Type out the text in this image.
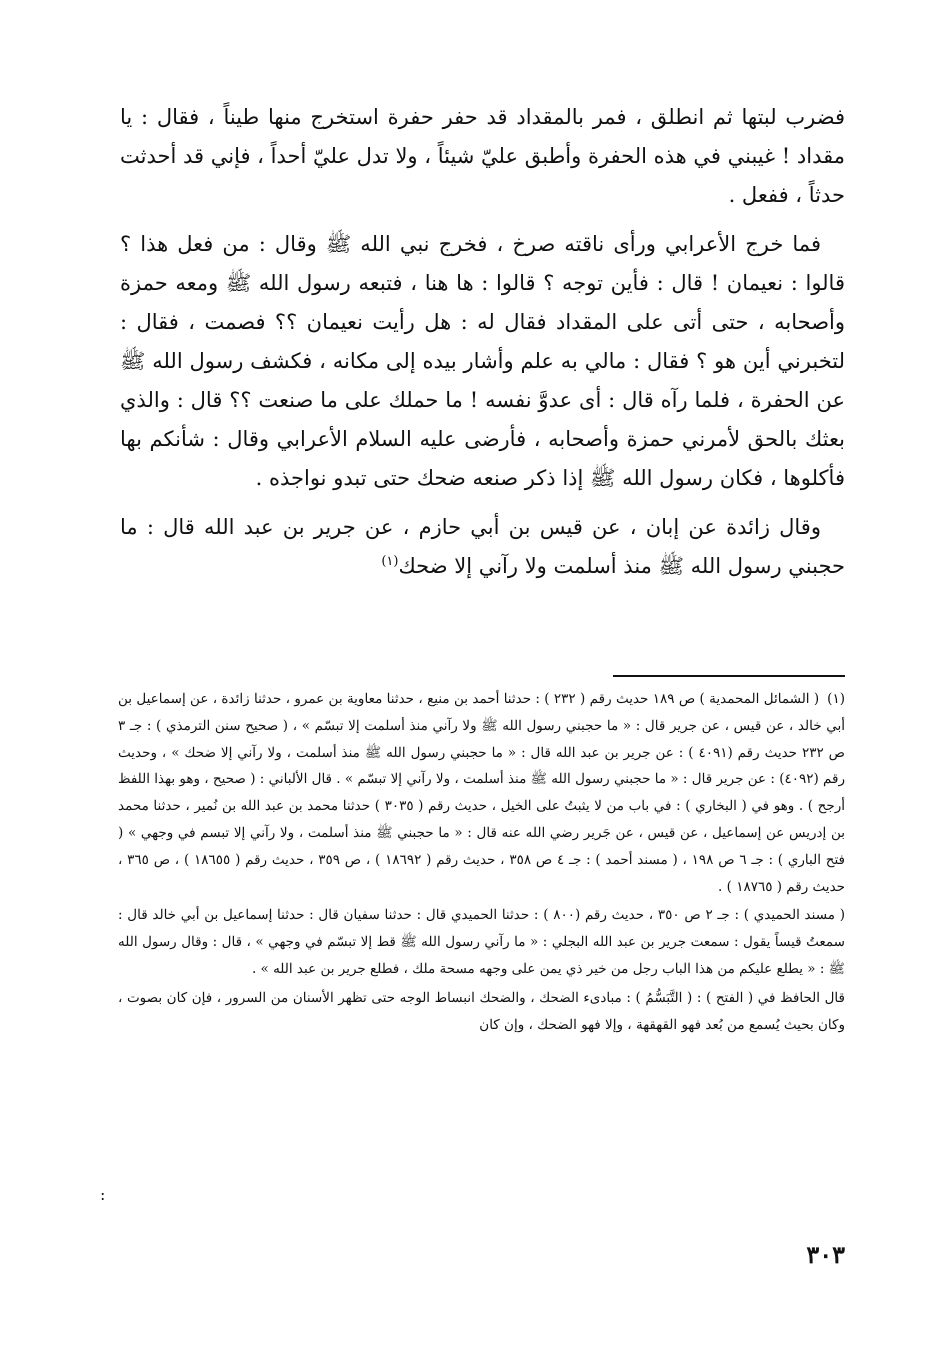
فضرب لبتها ثم انطلق ، فمر بالمقداد قد حفر حفرة استخرج منها طيناً ، فقال : يا مقداد ! غيبني في هذه الحفرة وأطبق عليّ شيئاً ، ولا تدل عليّ أحداً ، فإني قد أحدثت حدثاً ، ففعل .

فما خرج الأعرابي ورأى ناقته صرخ ، فخرج نبي الله ﷺ وقال : من فعل هذا ؟ قالوا : نعيمان ! قال : فأين توجه ؟ قالوا : ها هنا ، فتبعه رسول الله ﷺ ومعه حمزة وأصحابه ، حتى أتى على المقداد فقال له : هل رأيت نعيمان ؟؟ فصمت ، فقال : لتخبرني أين هو ؟ فقال : مالي به علم وأشار بيده إلى مكانه ، فكشف رسول الله ﷺ عن الحفرة ، فلما رآه قال : أى عدوَّ نفسه ! ما حملك على ما صنعت ؟؟ قال : والذي بعثك بالحق لأمرني حمزة وأصحابه ، فأرضى عليه السلام الأعرابي وقال : شأنكم بها فأكلوها ، فكان رسول الله ﷺ إذا ذكر صنعه ضحك حتى تبدو نواجذه .

وقال زائدة عن إبان ، عن قيس بن أبي حازم ، عن جرير بن عبد الله قال : ما حجبني رسول الله ﷺ منذ أسلمت ولا رآني إلا ضحك$^{(١)}$

(١)( الشمائل المحمدية ) ص ١٨٩ حديث رقم ( ٢٣٢ ) : حدثنا أحمد بن منيع ، حدثنا معاوية بن عمرو ، حدثنا زائدة ، عن إسماعيل بن أبي خالد ، عن قيس ، عن جرير قال : « ما حجبني رسول الله ﷺ ولا رآني منذ أسلمت إلا تبسّم » ، ( صحيح سنن الترمذي ) : جـ ٣ ص ٢٣٢ حديث رقم (٤٠٩١ ) : عن جرير بن عبد الله قال : « ما حجبني رسول الله ﷺ منذ أسلمت ، ولا رآني إلا ضحك » ، وحديث رقم (٤٠٩٢) : عن جرير قال : « ما حجبني رسول الله ﷺ منذ أسلمت ، ولا رآني إلا تبسّم » . قال الألباني : ( صحيح ، وهو بهذا اللفظ أرجح ) . وهو في ( البخاري ) : في باب من لا يثبتُ على الخيل ، حديث رقم ( ٣٠٣٥ ) حدثنا محمد بن عبد الله بن نُمير ، حدثنا محمد بن إدريس عن إسماعيل ، عن قيس ، عن جَرير رضي الله عنه قال : « ما حجبني ﷺ منذ أسلمت ، ولا رآني إلا تبسم في وجهي » ( فتح الباري ) : جـ ٦ ص ١٩٨ ، ( مسند أحمد ) : جـ ٤ ص ٣٥٨ ، حديث رقم ( ١٨٦٩٢ ) ، ص ٣٥٩ ، حديث رقم ( ١٨٦٥٥ ) ، ص ٣٦٥ ، حديث رقم ( ١٨٧٦٥ ) .

( مسند الحميدي ) : جـ ٢ ص ٣٥٠ ، حديث رقم (٨٠٠ ) : حدثنا الحميدي قال : حدثنا سفيان قال : حدثنا إسماعيل بن أبي خالد قال : سمعتُ قيساً يقول : سمعت جرير بن عبد الله البجلي : « ما رآني رسول الله ﷺ قط إلا تبسّم في وجهي » ، قال : وقال رسول الله ﷺ : « يطلع عليكم من هذا الباب رجل من خير ذي يمن على وجهه مسحة ملك ، فطلع جرير بن عبد الله » .

قال الحافظ في ( الفتح ) : ( التَّبَسُّمُ ) : مبادىء الضحك ، والضحك انبساط الوجه حتى تظهر الأسنان من السرور ، فإن كان بصوت ، وكان بحيث يُسمع من بُعد فهو القهقهة ، وإلا فهو الضحك ، وإن كان

:
٣٠٣
